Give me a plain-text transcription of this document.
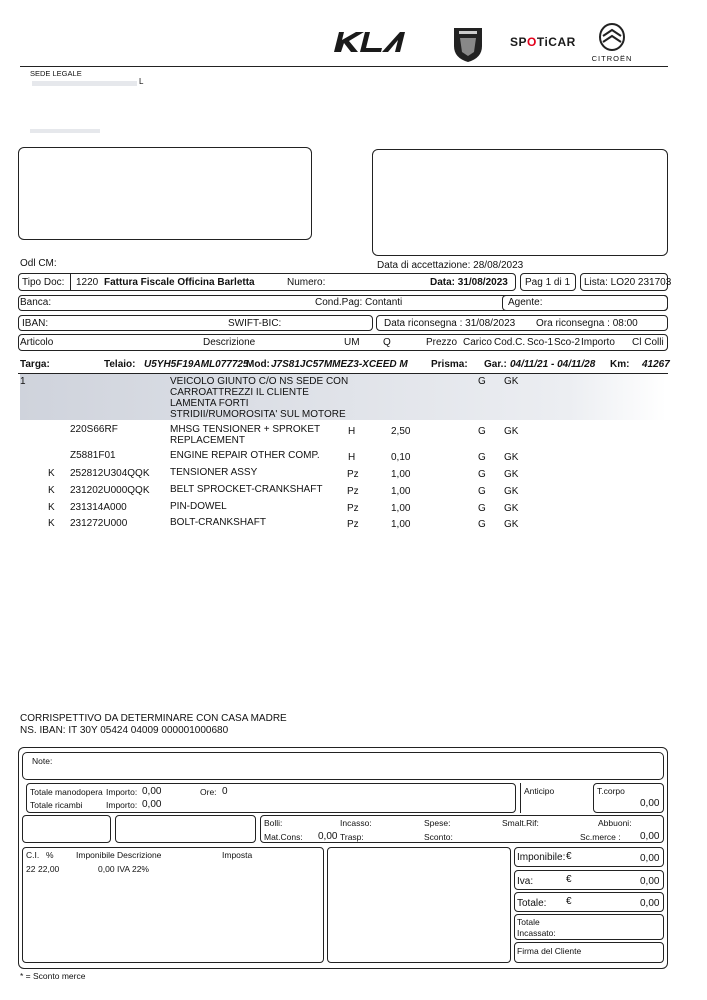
SPOTiCAR
CITROËN
SEDE LEGALE
L
Odl CM:	Data di accettazione: 28/08/2023
Tipo Doc: 1220 Fattura Fiscale Officina Barletta	Numero:	Data: 31/08/2023 Pag 1 di 1 Lista: LO20 231703
Banca:	Cond.Pag: Contanti	Agente:
IBAN:	SWIFT-BIC:	Data riconsegna : 31/08/2023 Ora riconsegna : 08:00
Articolo	Descrizione	UM Q	Prezzo Carico Cod.C. Sco-1 Sco-2 Importo Cl Colli
Targa:	Telaio: U5YH5F19AML077725
Mod: J7S81JC57MMEZ3-XCEED M Prisma: Gar.: 04/11/21 - 04/11/28 Km: 41267
1	VEICOLO GIUNTO C/O NS SEDE CON
CARROATTREZZI IL CLIENTE
LAMENTA FORTI
STRIDII/RUMOROSITA' SUL MOTORE
G GK
220S66RF	MHSG TENSIONER + SPROKET
REPLACEMENT
H	2,50	G GK
Z5881F01	ENGINE REPAIR OTHER COMP.	H	0,10	G GK
K 252812U304QQK TENSIONER ASSY	Pz	1,00	G GK
K 231202U000QQK BELT SPROCKET-CRANKSHAFT Pz	1,00	G GK
K 231314A000	PIN-DOWEL	Pz	1,00	G GK
K 231272U000	BOLT-CRANKSHAFT	Pz	1,00	G GK
CORRISPETTIVO DA DETERMINARE CON CASA MADRE
NS. IBAN: IT 30Y 05424 04009 000001000680
Note:
Totale manodopera Importo: 0,00	Ore: 0
Totale ricambi	Importo: 0,00
Anticipo	T.corpo
0,00
Bolli:	Incasso:	Spese:	Smalt.Rif:	Abbuoni:
Mat.Cons: 0,00 Trasp:	Sconto:	Sc.merce : 0,00
C.I. %	Imponibile Descrizione	Imposta
22 22,00	0,00 IVA 22%
Imponibile: €	0,00
Iva:	€	0,00
Totale: €	0,00
Totale
Incassato:
Firma del Cliente
* = Sconto merce
